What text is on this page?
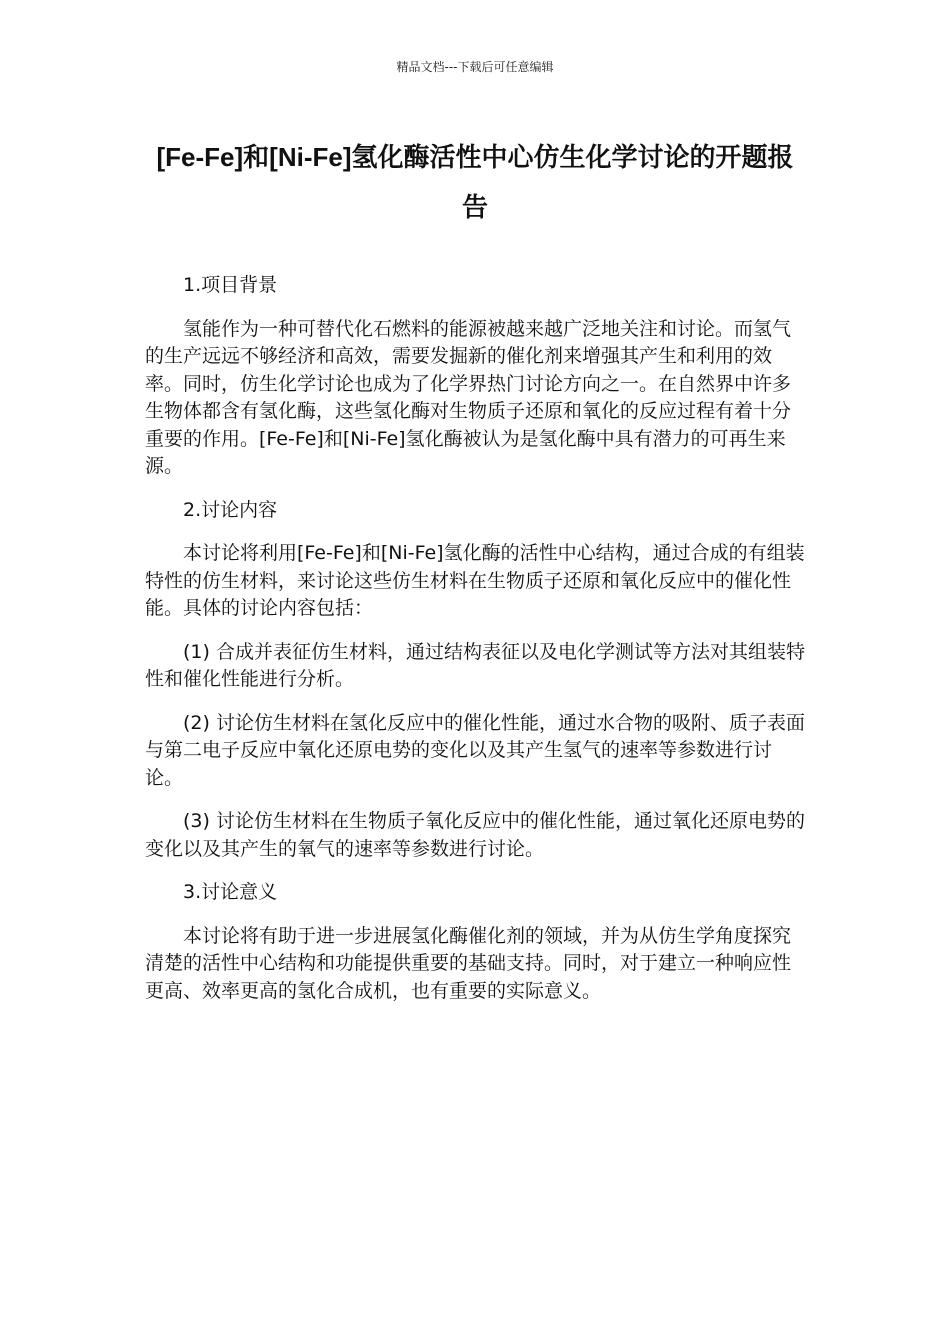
精品文档---下载后可任意编辑
[Fe-Fe]和[Ni-Fe]氢化酶活性中心仿生化学讨论的开题报告

1.项目背景

氢能作为一种可替代化石燃料的能源被越来越广泛地关注和讨论。而氢气的生产远远不够经济和高效，需要发掘新的催化剂来增强其产生和利用的效率。同时，仿生化学讨论也成为了化学界热门讨论方向之一。在自然界中许多生物体都含有氢化酶，这些氢化酶对生物质子还原和氧化的反应过程有着十分重要的作用。[Fe-Fe]和[Ni-Fe]氢化酶被认为是氢化酶中具有潜力的可再生来源。

2.讨论内容

本讨论将利用[Fe-Fe]和[Ni-Fe]氢化酶的活性中心结构，通过合成的有组装特性的仿生材料，来讨论这些仿生材料在生物质子还原和氧化反应中的催化性能。具体的讨论内容包括：

(1) 合成并表征仿生材料，通过结构表征以及电化学测试等方法对其组装特性和催化性能进行分析。

(2) 讨论仿生材料在氢化反应中的催化性能，通过水合物的吸附、质子表面与第二电子反应中氧化还原电势的变化以及其产生氢气的速率等参数进行讨论。

(3) 讨论仿生材料在生物质子氧化反应中的催化性能，通过氧化还原电势的变化以及其产生的氧气的速率等参数进行讨论。

3.讨论意义

本讨论将有助于进一步进展氢化酶催化剂的领域，并为从仿生学角度探究清楚的活性中心结构和功能提供重要的基础支持。同时，对于建立一种响应性更高、效率更高的氢化合成机，也有重要的实际意义。
